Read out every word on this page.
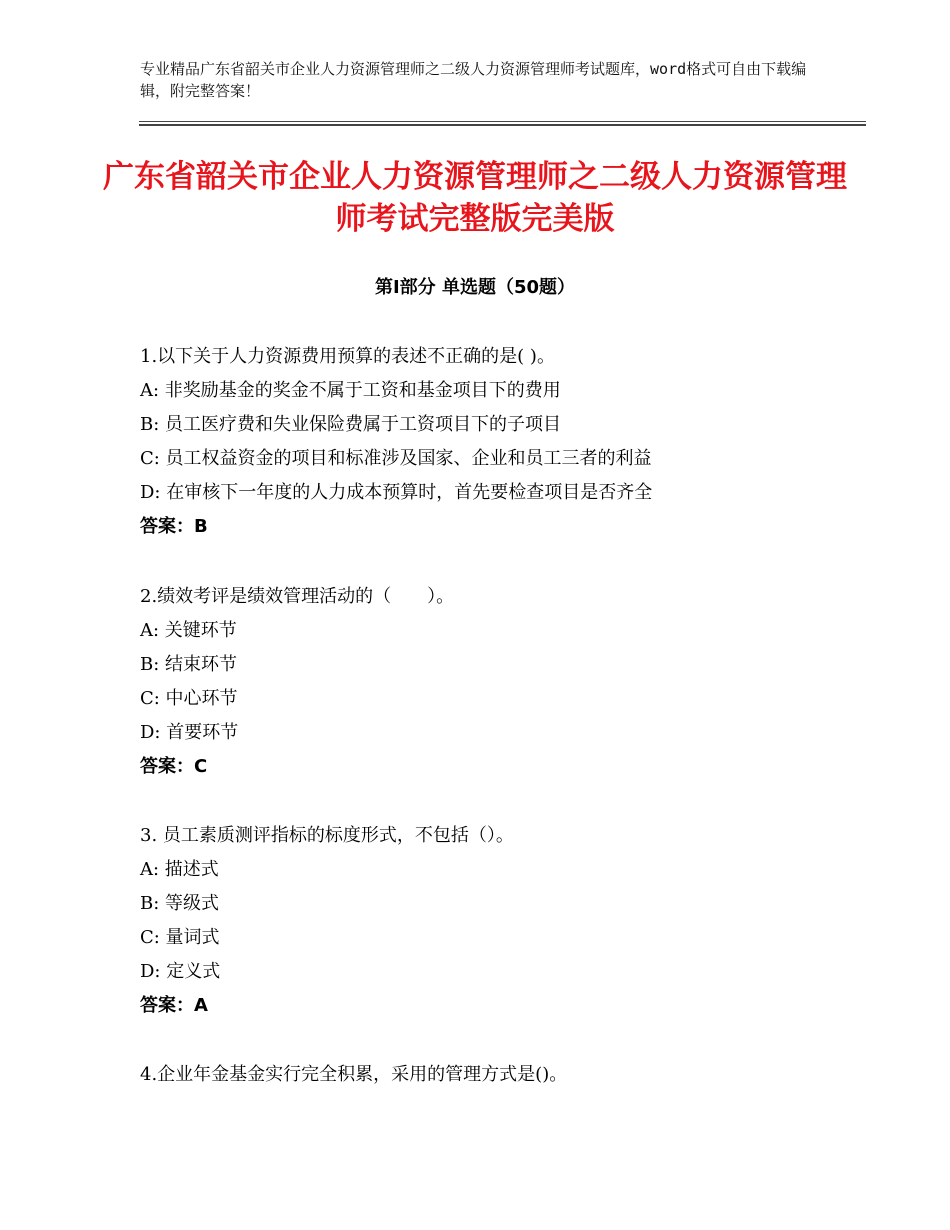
专业精品广东省韶关市企业人力资源管理师之二级人力资源管理师考试题库，word格式可自由下载编辑，附完整答案！
广东省韶关市企业人力资源管理师之二级人力资源管理师考试完整版完美版
第Ⅰ部分 单选题（50题）
1.以下关于人力资源费用预算的表述不正确的是( )。
A: 非奖励基金的奖金不属于工资和基金项目下的费用
B: 员工医疗费和失业保险费属于工资项目下的子项目
C: 员工权益资金的项目和标准涉及国家、企业和员工三者的利益
D: 在审核下一年度的人力成本预算时，首先要检查项目是否齐全
答案：B
2.绩效考评是绩效管理活动的（　　）。
A: 关键环节
B: 结束环节
C: 中心环节
D: 首要环节
答案：C
3. 员工素质测评指标的标度形式，不包括（）。
A: 描述式
B: 等级式
C: 量词式
D: 定义式
答案：A
4.企业年金基金实行完全积累，采用的管理方式是()。
